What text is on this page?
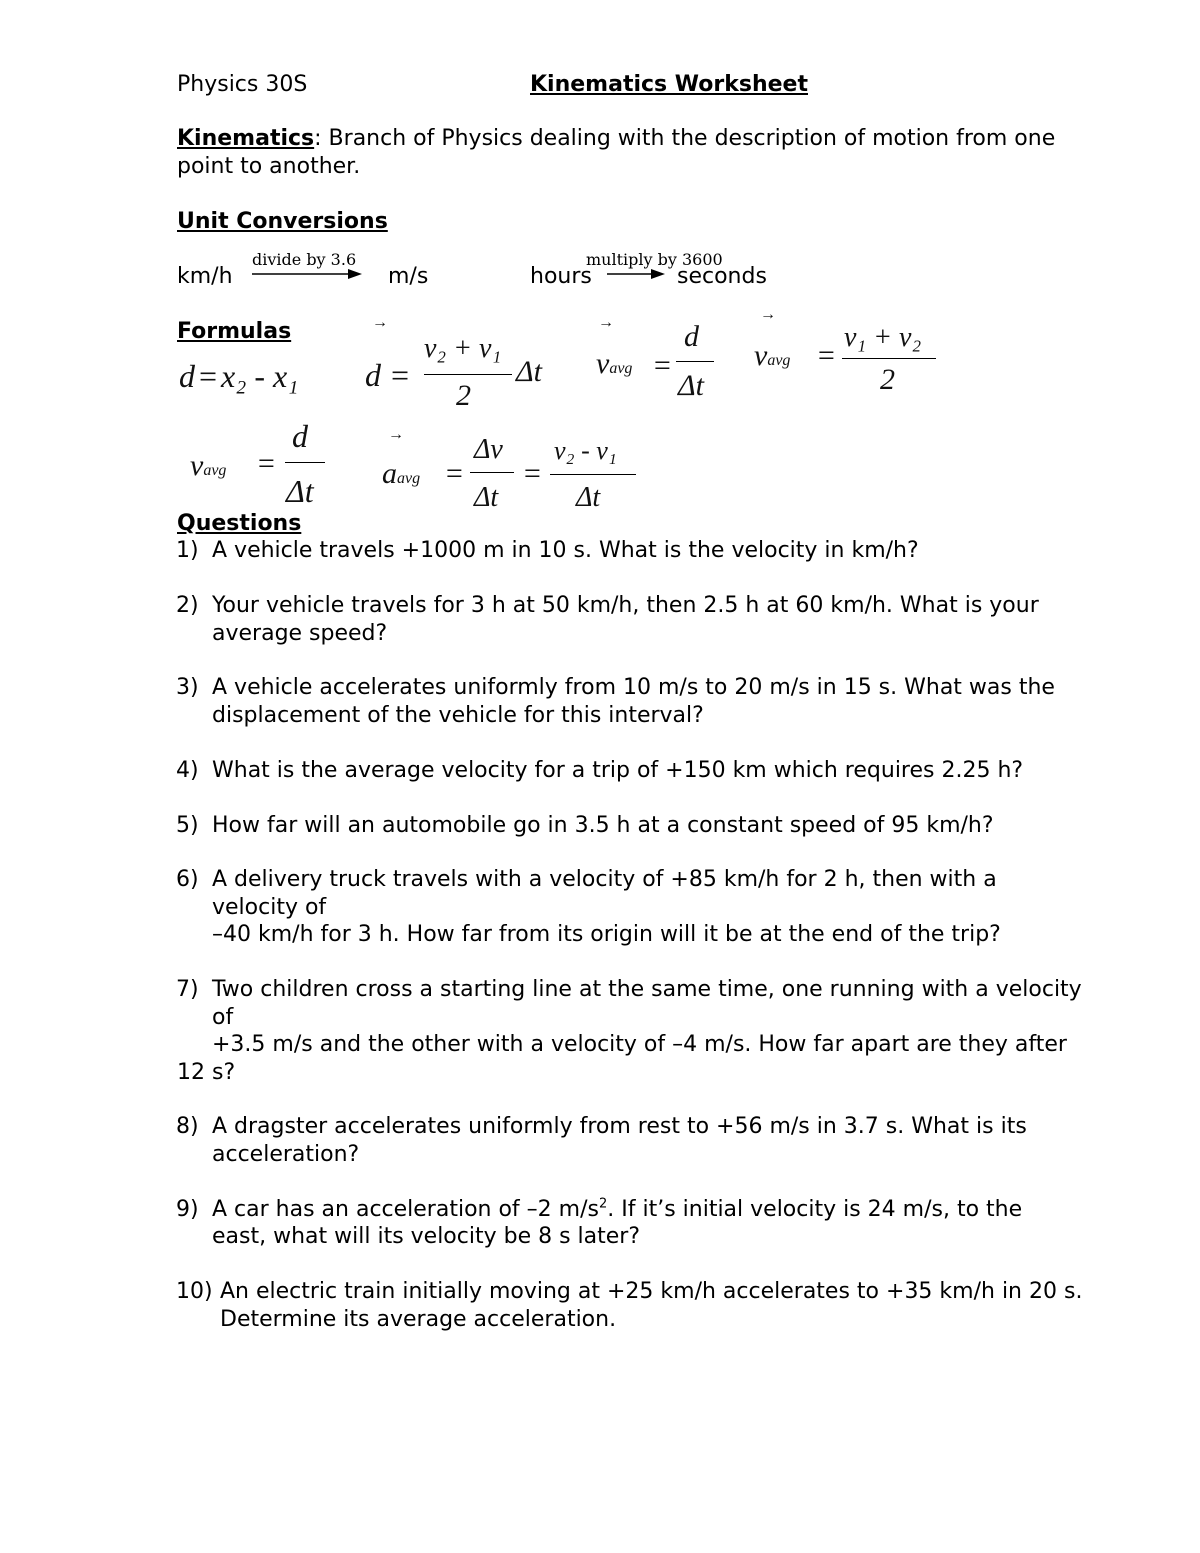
Physics 30S	Kinematics Worksheet
Kinematics: Branch of Physics dealing with the description of motion from one
point to another.
Unit Conversions
km/h
divide by 3.6
m/s	hours
multiply by 3600
seconds
Formulas
d = x₂ - x₁
→
d =
v₂ + v₁
2
Δt
→
vavg =
d
Δt
→
vavg =
v₁ + v₂
2
vavg =
d
Δt
→
aavg =
Δv
Δt
=
v₂ - v₁
Δt
Questions
1) A vehicle travels +1000 m in 10 s. What is the velocity in km/h?
2) Your vehicle travels for 3 h at 50 km/h, then 2.5 h at 60 km/h. What is your
average speed?
3) A vehicle accelerates uniformly from 10 m/s to 20 m/s in 15 s. What was the
displacement of the vehicle for this interval?
4) What is the average velocity for a trip of +150 km which requires 2.25 h?
5) How far will an automobile go in 3.5 h at a constant speed of 95 km/h?
6) A delivery truck travels with a velocity of +85 km/h for 2 h, then with a
velocity of
–40 km/h for 3 h. How far from its origin will it be at the end of the trip?
7) Two children cross a starting line at the same time, one running with a velocity
of
+3.5 m/s and the other with a velocity of –4 m/s. How far apart are they after
12 s?
8) A dragster accelerates uniformly from rest to +56 m/s in 3.7 s. What is its
acceleration?
9) A car has an acceleration of –2 $m/s^2$. If it’s initial velocity is 24 m/s, to the
east, what will its velocity be 8 s later?
10) An electric train initially moving at +25 km/h accelerates to +35 km/h in 20 s.
Determine its average acceleration.
